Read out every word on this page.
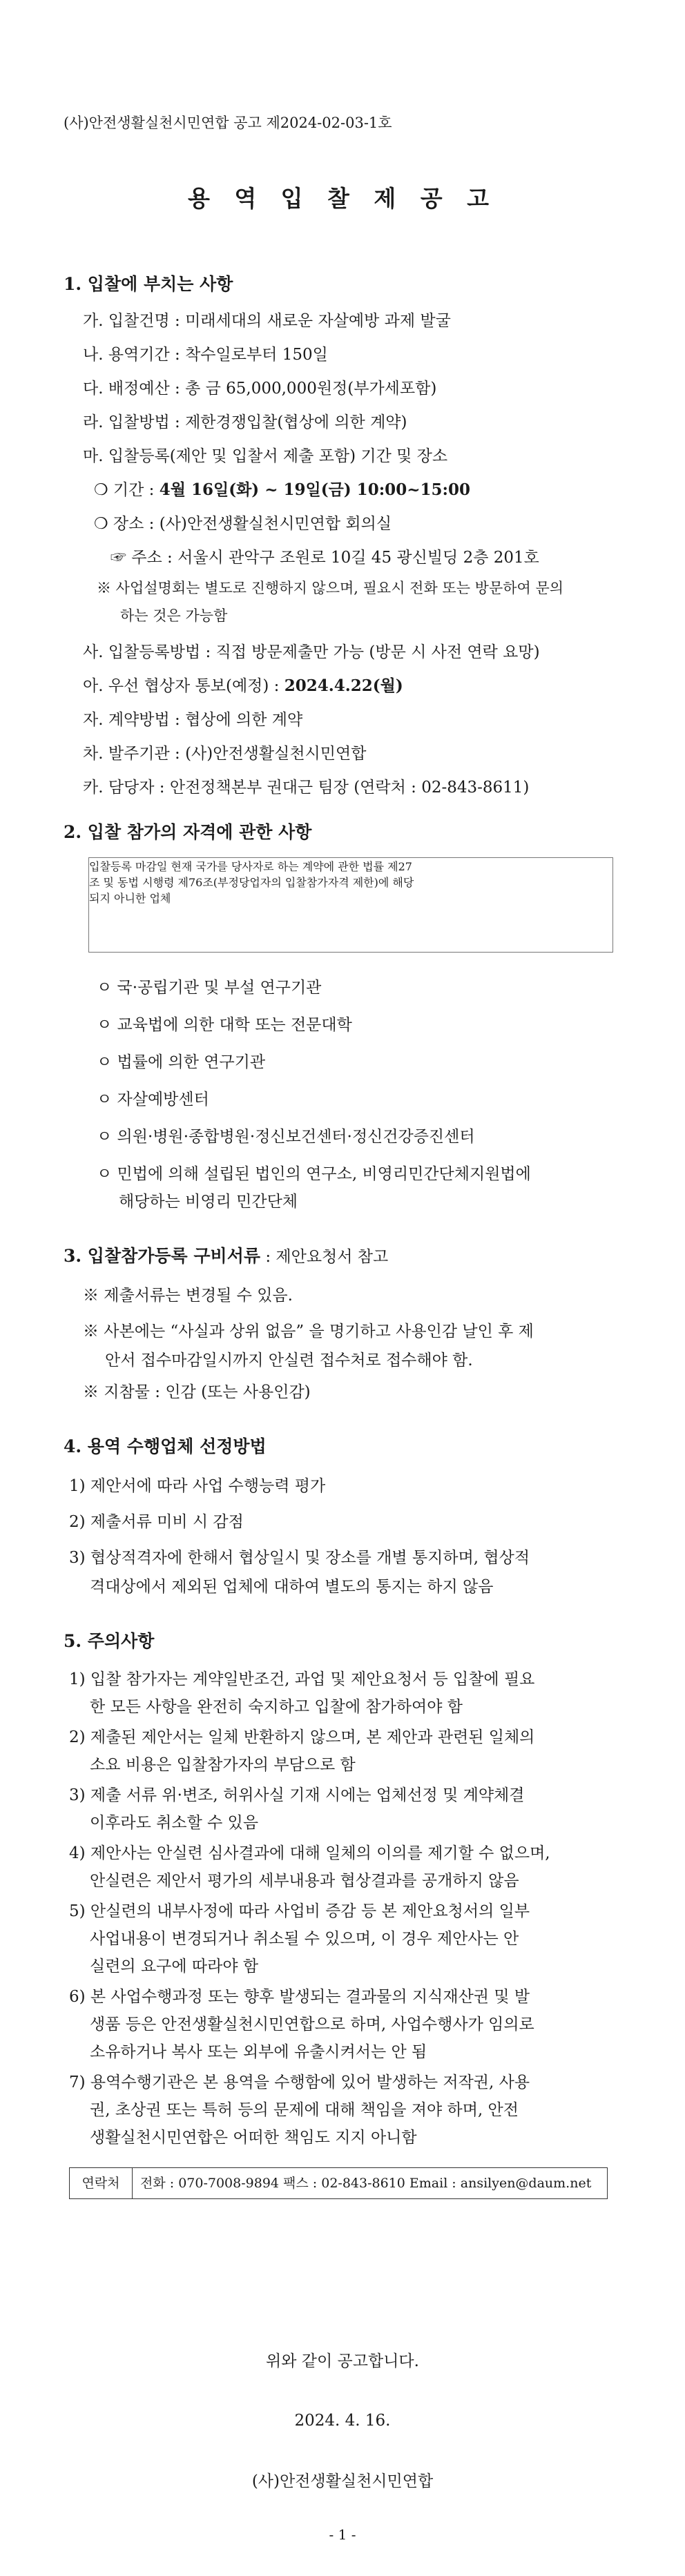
(사)안전생활실천시민연합 공고 제2024-02-03-1호
용 역 입 찰 제 공 고
1. 입찰에 부치는 사항
가. 입찰건명 : 미래세대의 새로운 자살예방 과제 발굴
나. 용역기간 : 착수일로부터 150일
다. 배정예산 : 총 금 65,000,000원정(부가세포함)
라. 입찰방법 : 제한경쟁입찰(협상에 의한 계약)
마. 입찰등록(제안 및 입찰서 제출 포함) 기간 및 장소
❍ 기간 : 4월 16일(화) ~ 19일(금) 10:00~15:00
❍ 장소 : (사)안전생활실천시민연합 회의실
☞ 주소 : 서울시 관악구 조원로 10길 45 광신빌딩 2층 201호
※ 사업설명회는 별도로 진행하지 않으며, 필요시 전화 또는 방문하여 문의
하는 것은 가능함
사. 입찰등록방법 : 직접 방문제출만 가능 (방문 시 사전 연락 요망)
아. 우선 협상자 통보(예정) : 2024.4.22(월)
자. 계약방법 : 협상에 의한 계약
차. 발주기관 : (사)안전생활실천시민연합
카. 담당자 : 안전정책본부 권대근 팀장 (연락처 : 02-843-8611)
2. 입찰 참가의 자격에 관한 사항
입찰등록 마감일 현재 국가를 당사자로 하는 계약에 관한 법률 제27
조 및 동법 시행령 제76조(부정당업자의 입찰참가자격 제한)에 해당
되지 아니한 업체
ㅇ 국·공립기관 및 부설 연구기관
ㅇ 교육법에 의한 대학 또는 전문대학
ㅇ 법률에 의한 연구기관
ㅇ 자살예방센터
ㅇ 의원·병원·종합병원·정신보건센터·정신건강증진센터
ㅇ 민법에 의해 설립된 법인의 연구소, 비영리민간단체지원법에
해당하는 비영리 민간단체
3. 입찰참가등록 구비서류 : 제안요청서 참고
※ 제출서류는 변경될 수 있음.
※ 사본에는 “사실과 상위 없음” 을 명기하고 사용인감 날인 후 제
안서 접수마감일시까지 안실련 접수처로 접수해야 함.
※ 지참물 : 인감 (또는 사용인감)
4. 용역 수행업체 선정방법
1) 제안서에 따라 사업 수행능력 평가
2) 제출서류 미비 시 감점
3) 협상적격자에 한해서 협상일시 및 장소를 개별 통지하며, 협상적
격대상에서 제외된 업체에 대하여 별도의 통지는 하지 않음
5. 주의사항
1) 입찰 참가자는 계약일반조건, 과업 및 제안요청서 등 입찰에 필요
한 모든 사항을 완전히 숙지하고 입찰에 참가하여야 함
2) 제출된 제안서는 일체 반환하지 않으며, 본 제안과 관련된 일체의
소요 비용은 입찰참가자의 부담으로 함
3) 제출 서류 위·변조, 허위사실 기재 시에는 업체선정 및 계약체결
이후라도 취소할 수 있음
4) 제안사는 안실련 심사결과에 대해 일체의 이의를 제기할 수 없으며,
안실련은 제안서 평가의 세부내용과 협상결과를 공개하지 않음
5) 안실련의 내부사정에 따라 사업비 증감 등 본 제안요청서의 일부
사업내용이 변경되거나 취소될 수 있으며, 이 경우 제안사는 안
실련의 요구에 따라야 함
6) 본 사업수행과정 또는 향후 발생되는 결과물의 지식재산권 및 발
생품 등은 안전생활실천시민연합으로 하며, 사업수행사가 임의로
소유하거나 복사 또는 외부에 유출시켜서는 안 됨
7) 용역수행기관은 본 용역을 수행함에 있어 발생하는 저작권, 사용
권, 초상권 또는 특허 등의 문제에 대해 책임을 져야 하며, 안전
생활실천시민연합은 어떠한 책임도 지지 아니함
연락처	전화 : 070-7008-9894 팩스 : 02-843-8610 Email : ansilyen@daum.net
위와 같이 공고합니다.
2024. 4. 16.
(사)안전생활실천시민연합
- 1 -
